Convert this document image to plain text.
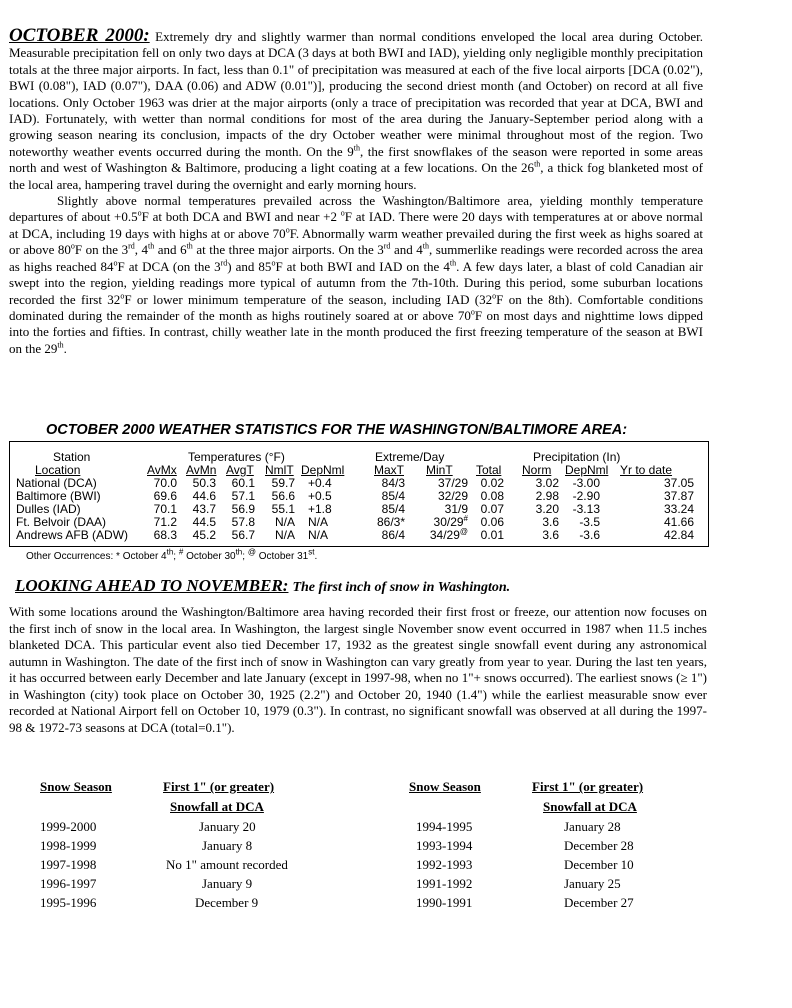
OCTOBER 2000: Extremely dry and slightly warmer than normal conditions enveloped the local area during October. Measurable precipitation fell on only two days at DCA (3 days at both BWI and IAD), yielding only negligible monthly precipitation totals at the three major airports. In fact, less than 0.1" of precipitation was measured at each of the five local airports [DCA (0.02"), BWI (0.08"), IAD (0.07"), DAA (0.06) and ADW (0.01")], producing the second driest month (and October) on record at all five locations. Only October 1963 was drier at the major airports (only a trace of precipitation was recorded that year at DCA, BWI and IAD). Fortunately, with wetter than normal conditions for most of the area during the January-September period along with a growing season nearing its conclusion, impacts of the dry October weather were minimal throughout most of the region. Two noteworthy weather events occurred during the month. On the 9th, the first snowflakes of the season were reported in some areas north and west of Washington & Baltimore, producing a light coating at a few locations. On the 26th, a thick fog blanketed most of the local area, hampering travel during the overnight and early morning hours.

Slightly above normal temperatures prevailed across the Washington/Baltimore area, yielding monthly temperature departures of about $+0.5^oF$ at both DCA and BWI and near +2 $^o$F at IAD. There were 20 days with temperatures at or above normal at DCA, including 19 days with highs at or above 70$^o$F. Abnormally warm weather prevailed during the first week as highs soared at or above 80$^o$F on the 3rd, 4th and 6th at the three major airports. On the 3rd and 4th, summerlike readings were recorded across the area as highs reached 84$^o$F at DCA (on the 3rd) and 85$^o$F at both BWI and IAD on the 4th. A few days later, a blast of cold Canadian air swept into the region, yielding readings more typical of autumn from the 7th-10th. During this period, some suburban locations recorded the first 32$^o$F or lower minimum temperature of the season, including IAD (32$^o$F on the 8th). Comfortable conditions dominated during the remainder of the month as highs routinely soared at or above 70$^o$F on most days and nighttime lows dipped into the forties and fifties. In contrast, chilly weather late in the month produced the first freezing temperature of the season at BWI on the 29th.

OCTOBER 2000 WEATHER STATISTICS FOR THE WASHINGTON/BALTIMORE AREA:
Station	Temperatures (°F)	Extreme/Day	Precipitation (In)
Location	AvMx AvMn AvgT NmlT DepNml MaxT MinT Total Norm DepNml Yr to date
National (DCA)	70.0 50.3 60.1 59.7 +0.4	84/3	37/29 0.02	3.02 -3.00	37.05
Baltimore (BWI)	69.6 44.6 57.1 56.6 +0.5	85/4	32/29 0.08	2.98 -2.90	37.87
Dulles (IAD)	70.1 43.7 56.9 55.1 +1.8	85/4	31/9 0.07	3.20 -3.13	33.24
Ft. Belvoir (DAA)	71.2 44.5 57.8 N/A N/A	86/3* 30/29# 0.06	3.6 -3.5	41.66
Andrews AFB (ADW) 68.3 45.2 56.7 N/A N/A	86/4 34/29@ 0.01	3.6 -3.6	42.84
Other Occurrences: * October 4th; # October 30th; @ October 31st.
LOOKING AHEAD TO NOVEMBER: The first inch of snow in Washington.

With some locations around the Washington/Baltimore area having recorded their first frost or freeze, our attention now focuses on the first inch of snow in the local area. In Washington, the largest single November snow event occurred in 1987 when 11.5 inches blanketed DCA. This particular event also tied December 17, 1932 as the greatest single snowfall event during any astronomical autumn in Washington. The date of the first inch of snow in Washington can vary greatly from year to year. During the last ten years, it has occurred between early December and late January (except in 1997-98, when no 1"+ snows occurred). The earliest snows (≥ 1") in Washington (city) took place on October 30, 1925 (2.2") and October 20, 1940 (1.4") while the earliest measurable snow ever recorded at National Airport fell on October 10, 1979 (0.3"). In contrast, no significant snowfall was observed at all during the 1997-98 & 1972-73 seasons at DCA (total=0.1").

Snow Season	First 1" (or greater)
Snowfall at DCA
Snow Season	First 1" (or greater)
Snowfall at DCA
1999-2000	January 20
1998-1999	January 8
1997-1998	No 1" amount recorded
1996-1997	January 9
1995-1996	December 9
1994-1995	January 28
1993-1994	December 28
1992-1993	December 10
1991-1992	January 25
1990-1991	December 27
